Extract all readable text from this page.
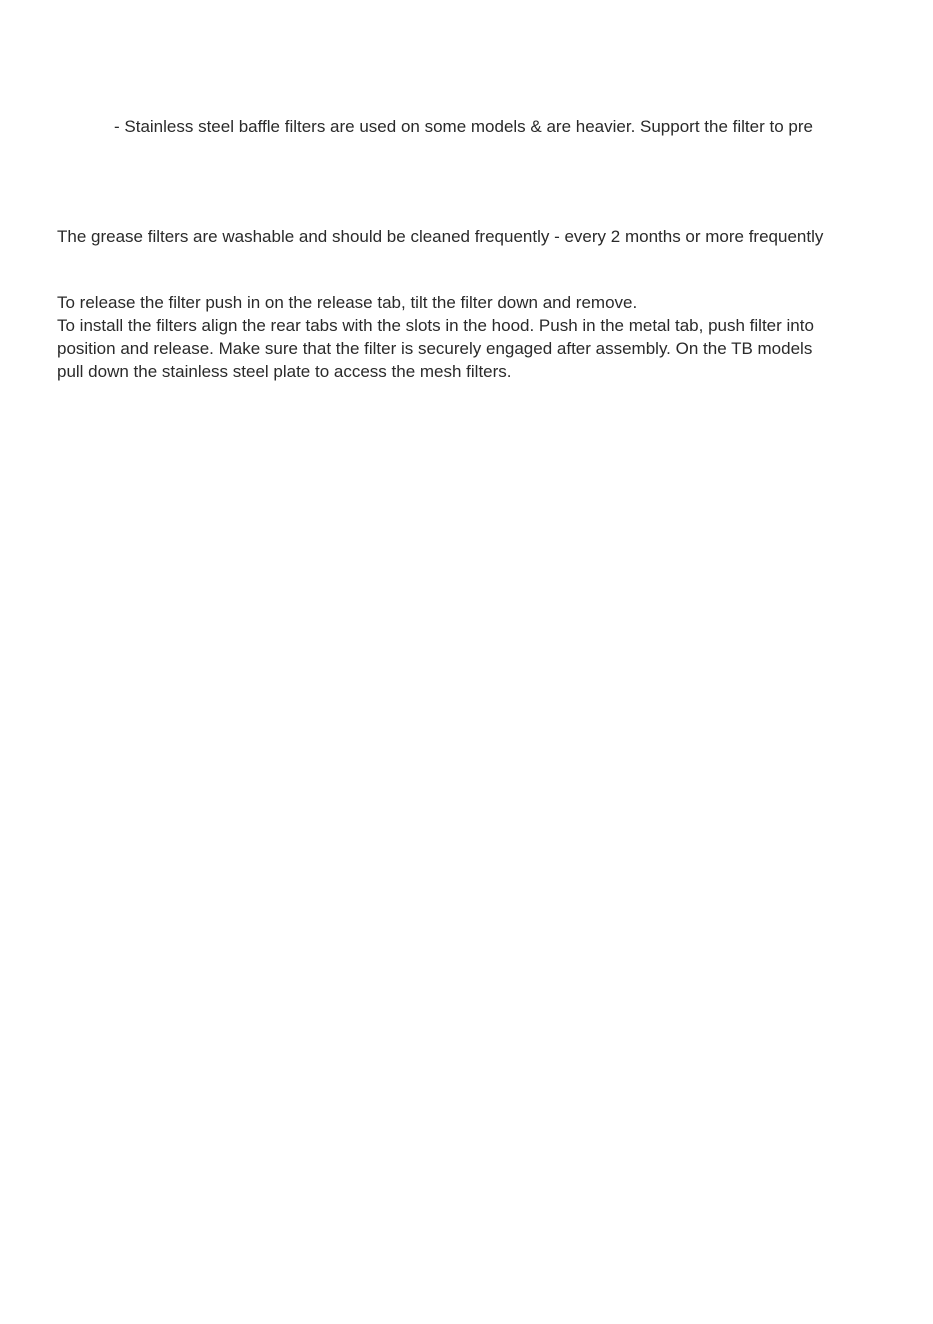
- Stainless steel baffle filters are used on some models & are heavier. Support the filter to pre

The grease filters are washable and should be cleaned frequently - every 2 months or more frequently

To release the filter push in on the release tab, tilt the filter down and remove.

To install the filters align the rear tabs with the slots in the hood. Push in the metal tab, push filter into

position and release. Make sure that the filter is securely engaged after assembly. On the TB models

pull down the stainless steel plate to access the mesh filters.
